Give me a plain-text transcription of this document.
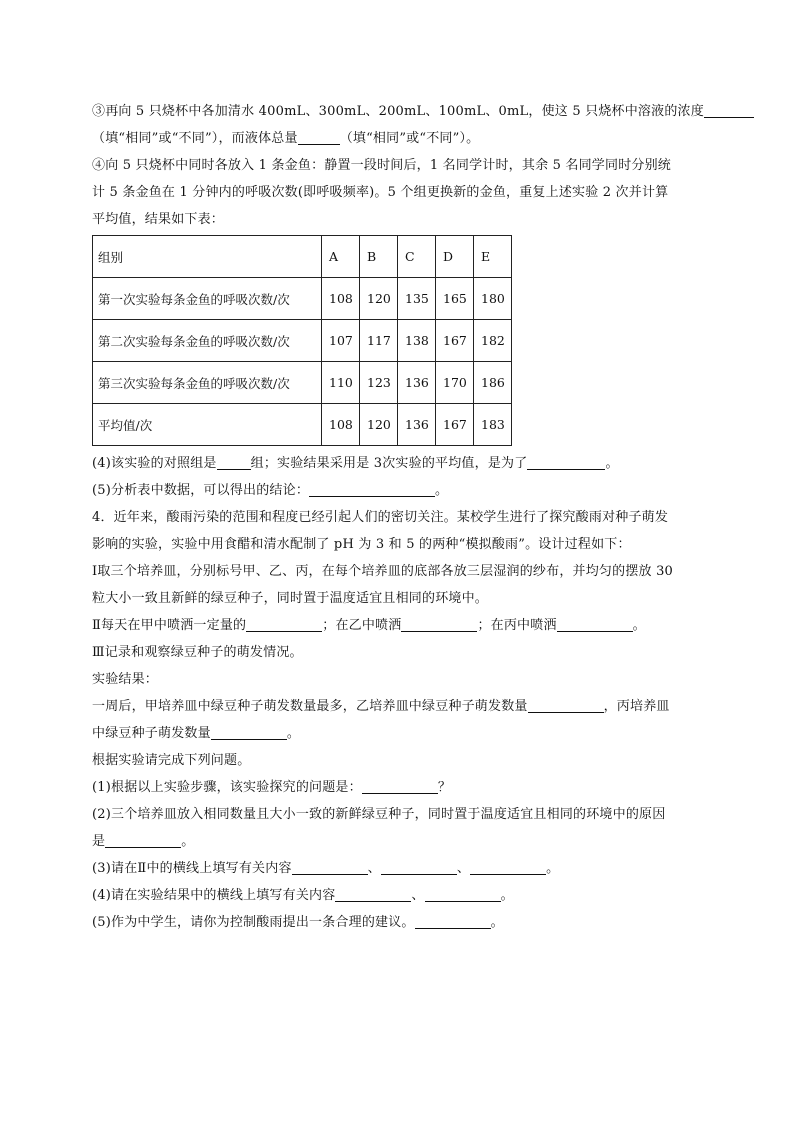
③再向 5 只烧杯中各加清水 400mL、300mL、200mL、100mL、0mL，使这 5 只烧杯中溶液的浓度
（填“相同”或“不同”），而液体总量	（填“相同”或“不同”）。
④向 5 只烧杯中同时各放入 1 条金鱼：静置一段时间后，1 名同学计时，其余 5 名同学同时分别统
计 5 条金鱼在 1 分钟内的呼吸次数(即呼吸频率)。5 个组更换新的金鱼，重复上述实验 2 次并计算
平均值，结果如下表：
组别	A	B	C	D	E
第一次实验每条金鱼的呼吸次数/次	108	120	135	165	180
第二次实验每条金鱼的呼吸次数/次	107	117	138	167	182
第三次实验每条金鱼的呼吸次数/次	110	123	136	170	186
平均值/次	108	120	136	167	183
(4)该实验的对照组是	组；实验结果采用是 3次实验的平均值，是为了	。
(5)分析表中数据，可以得出的结论：	。
4．近年来，酸雨污染的范围和程度已经引起人们的密切关注。某校学生进行了探究酸雨对种子萌发
影响的实验，实验中用食醋和清水配制了 pH 为 3 和 5 的两种“模拟酸雨”。设计过程如下：
Ⅰ取三个培养皿，分别标号甲、乙、丙，在每个培养皿的底部各放三层湿润的纱布，并均匀的摆放 30
粒大小一致且新鲜的绿豆种子，同时置于温度适宜且相同的环境中。
Ⅱ每天在甲中喷洒一定量的	；在乙中喷洒	；在丙中喷洒	。
Ⅲ记录和观察绿豆种子的萌发情况。
实验结果：
一周后，甲培养皿中绿豆种子萌发数量最多，乙培养皿中绿豆种子萌发数量	，丙培养皿
中绿豆种子萌发数量	。
根据实验请完成下列问题。
(1)根据以上实验步骤，该实验探究的问题是：	？
(2)三个培养皿放入相同数量且大小一致的新鲜绿豆种子，同时置于温度适宜且相同的环境中的原因
是	。
(3)请在Ⅱ中的横线上填写有关内容	、	、	。
(4)请在实验结果中的横线上填写有关内容	、	。
(5)作为中学生，请你为控制酸雨提出一条合理的建议。	。
